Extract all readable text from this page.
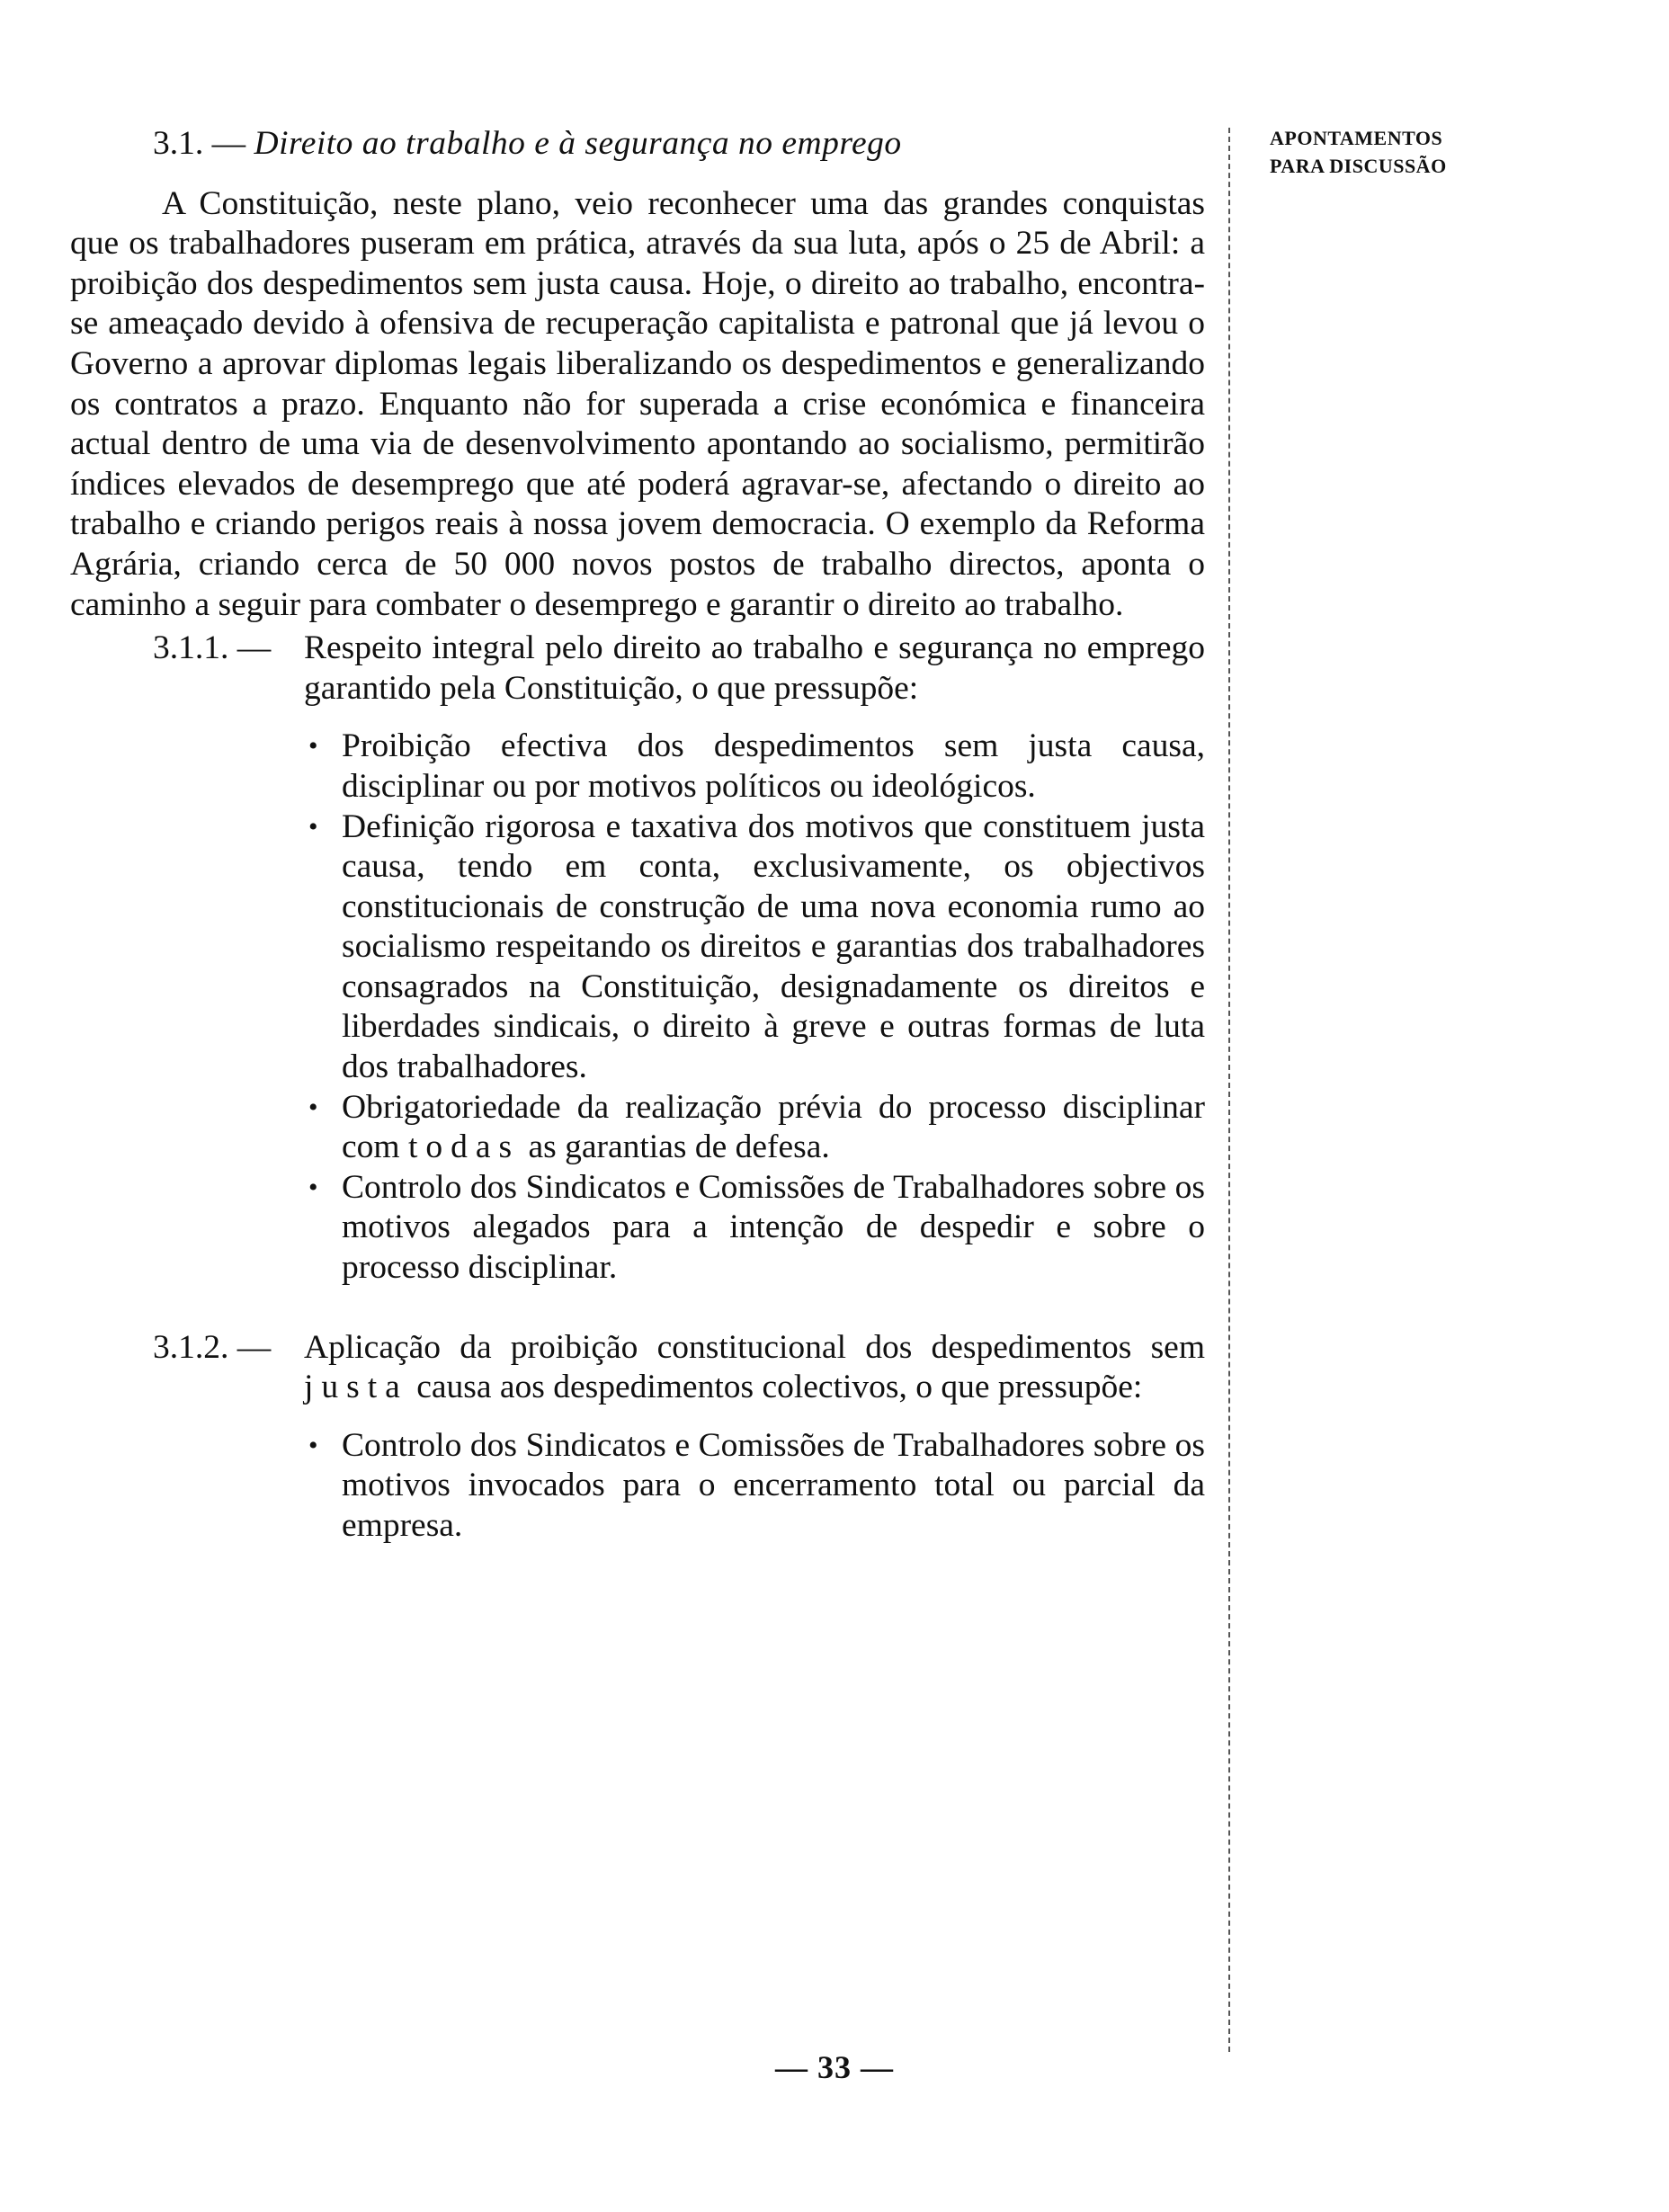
APONTAMENTOS
PARA DISCUSSÃO
3.1. — Direito ao trabalho e à segurança no emprego

A Constituição, neste plano, veio reconhecer uma das grandes conquistas que os trabalhadores puseram em prática, através da sua luta, após o 25 de Abril: a proibição dos despedimentos sem justa causa. Hoje, o direito ao trabalho, encontra-se ameaçado devido à ofensiva de recuperação capitalista e patronal que já levou o Governo a aprovar diplomas legais liberalizando os despedimentos e generalizando os contratos a prazo. Enquanto não for superada a crise económica e financeira actual dentro de uma via de desenvolvimento apontando ao socialismo, permitirão índices elevados de desemprego que até poderá agravar-se, afectando o direito ao trabalho e criando perigos reais à nossa jovem democracia. O exemplo da Reforma Agrária, criando cerca de 50 000 novos postos de trabalho directos, aponta o caminho a seguir para combater o desemprego e garantir o direito ao trabalho.

3.1.1. — Respeito integral pelo direito ao trabalho e segurança no emprego garantido pela Constituição, o que pressupõe:

• Proibição efectiva dos despedimentos sem justa causa, disciplinar ou por motivos políticos ou ideológicos.
• Definição rigorosa e taxativa dos motivos que constituem justa causa, tendo em conta, exclusivamente, os objectivos constitucionais de construção de uma nova economia rumo ao socialismo respeitando os direitos e garantias dos trabalhadores consagrados na Constituição, designadamente os direitos e liberdades sindicais, o direito à greve e outras formas de luta dos trabalhadores.
• Obrigatoriedade da realização prévia do processo disciplinar com todas as garantias de defesa.
• Controlo dos Sindicatos e Comissões de Trabalhadores sobre os motivos alegados para a intenção de despedir e sobre o processo disciplinar.
3.1.2. — Aplicação da proibição constitucional dos despedimentos sem justa causa aos despedimentos colectivos, o que pressupõe:

• Controlo dos Sindicatos e Comissões de Trabalhadores sobre os motivos invocados para o encerramento total ou parcial da empresa.
— 33 —
